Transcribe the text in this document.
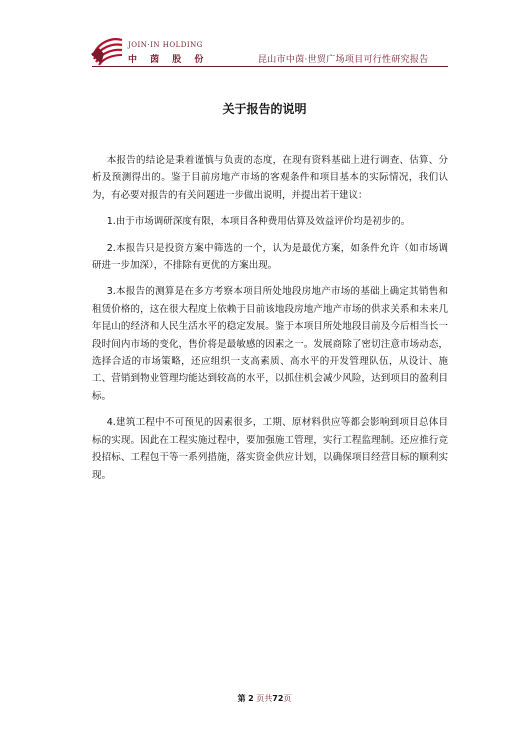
JOIN·IN HOLDING
中 茵 股 份	昆山市中茵·世贸广场项目可行性研究报告
关于报告的说明

本报告的结论是秉着谨慎与负责的态度，在现有资料基础上进行调查、估算、分析及预测得出的。鉴于目前房地产市场的客观条件和项目基本的实际情况，我们认为，有必要对报告的有关问题进一步做出说明，并提出若干建议：

1.由于市场调研深度有限，本项目各种费用估算及效益评价均是初步的。

2.本报告只是投资方案中筛选的一个，认为是最优方案，如条件允许（如市场调研进一步加深），不排除有更优的方案出现。

3.本报告的测算是在多方考察本项目所处地段房地产市场的基础上确定其销售和租赁价格的，这在很大程度上依赖于目前该地段房地产地产市场的供求关系和未来几年昆山的经济和人民生活水平的稳定发展。鉴于本项目所处地段目前及今后相当长一段时间内市场的变化，售价将是最敏感的因素之一。发展商除了密切注意市场动态，选择合适的市场策略，还应组织一支高素质、高水平的开发管理队伍，从设计、施工、营销到物业管理均能达到较高的水平，以抓住机会减少风险，达到项目的盈利目标。

4.建筑工程中不可预见的因素很多，工期、原材料供应等都会影响到项目总体目标的实现。因此在工程实施过程中，要加强施工管理，实行工程监理制。还应推行竞投招标、工程包干等一系列措施，落实资金供应计划，以确保项目经营目标的顺利实现。

第 2 页共72页
